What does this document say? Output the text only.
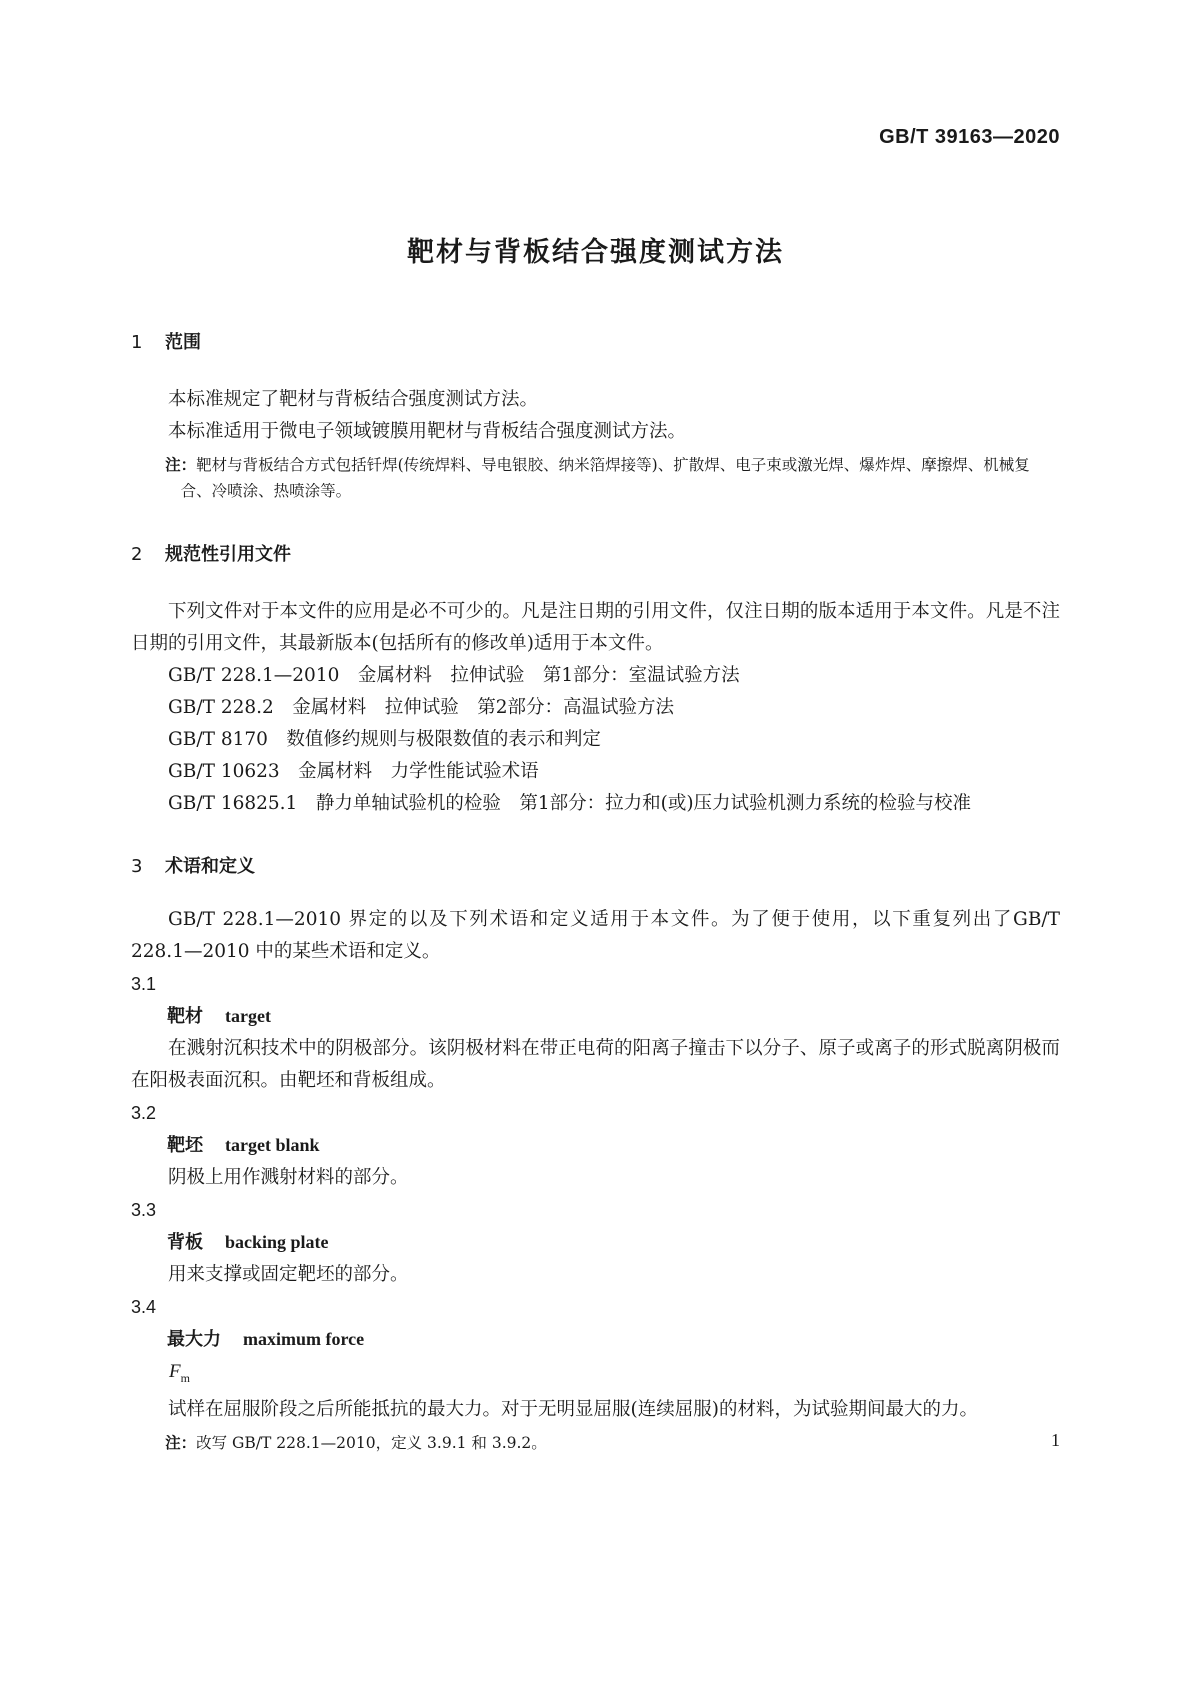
GB/T 39163—2020
靶材与背板结合强度测试方法
1 范围

本标准规定了靶材与背板结合强度测试方法。

本标准适用于微电子领域镀膜用靶材与背板结合强度测试方法。

注：靶材与背板结合方式包括钎焊(传统焊料、导电银胶、纳米箔焊接等)、扩散焊、电子束或激光焊、爆炸焊、摩擦焊、机械复合、冷喷涂、热喷涂等。

2 规范性引用文件

下列文件对于本文件的应用是必不可少的。凡是注日期的引用文件，仅注日期的版本适用于本文件。凡是不注日期的引用文件，其最新版本(包括所有的修改单)适用于本文件。

GB/T 228.1—2010　金属材料　拉伸试验　第1部分：室温试验方法

GB/T 228.2　金属材料　拉伸试验　第2部分：高温试验方法

GB/T 8170　数值修约规则与极限数值的表示和判定

GB/T 10623　金属材料　力学性能试验术语

GB/T 16825.1　静力单轴试验机的检验　第1部分：拉力和(或)压力试验机测力系统的检验与校准

3 术语和定义

GB/T 228.1—2010 界定的以及下列术语和定义适用于本文件。为了便于使用，以下重复列出了GB/T 228.1—2010 中的某些术语和定义。

3.1
靶材 target

在溅射沉积技术中的阴极部分。该阴极材料在带正电荷的阳离子撞击下以分子、原子或离子的形式脱离阴极而在阳极表面沉积。由靶坯和背板组成。

3.2
靶坯 target blank

阴极上用作溅射材料的部分。

3.3
背板 backing plate

用来支撑或固定靶坯的部分。

3.4
最大力 maximum force
$F_m$

试样在屈服阶段之后所能抵抗的最大力。对于无明显屈服(连续屈服)的材料，为试验期间最大的力。

注：改写 GB/T 228.1—2010，定义 3.9.1 和 3.9.2。	1
